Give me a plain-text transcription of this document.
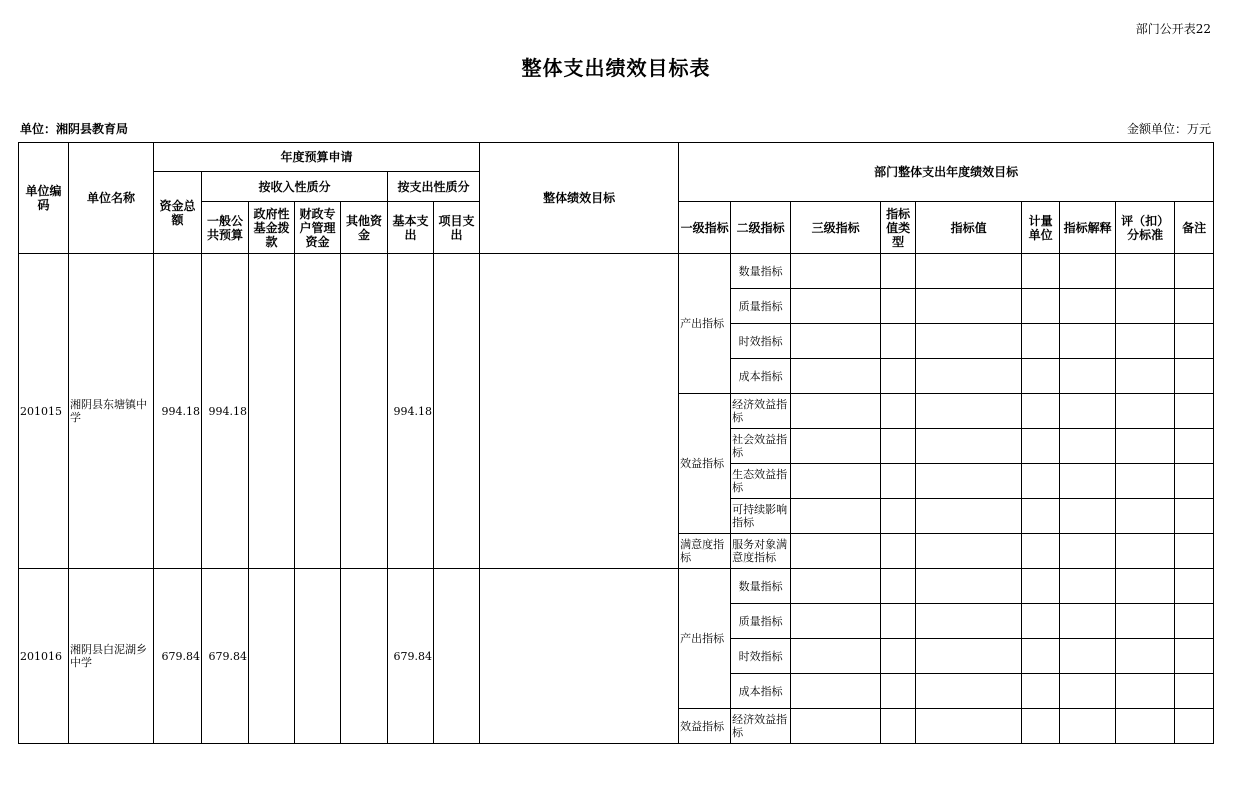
部门公开表22
整体支出绩效目标表
单位：湘阴县教育局	金额单位：万元
单位编码	单位名称	年度预算申请							整体绩效目标	部门整体支出年度绩效目标								
		资金总额	按收入性质分				按支出性质分											
			一般公共预算	政府性基金拨款	财政专户管理资金	其他资金	基本支出	项目支出		一级指标	二级指标	三级指标	指标值类型	指标值	计量单位	指标解释	评（扣）分标准	备注
201015	湘阴县东塘镇中学	994.18	994.18				994.18			产出指标	数量指标							
											质量指标							
											时效指标							
											成本指标							
										效益指标	经济效益指标							
											社会效益指标							
											生态效益指标							
											可持续影响指标							
										满意度指标	服务对象满意度指标							
201016	湘阴县白泥湖乡中学	679.84	679.84				679.84			产出指标	数量指标							
											质量指标							
											时效指标							
											成本指标							
										效益指标	经济效益指标							
